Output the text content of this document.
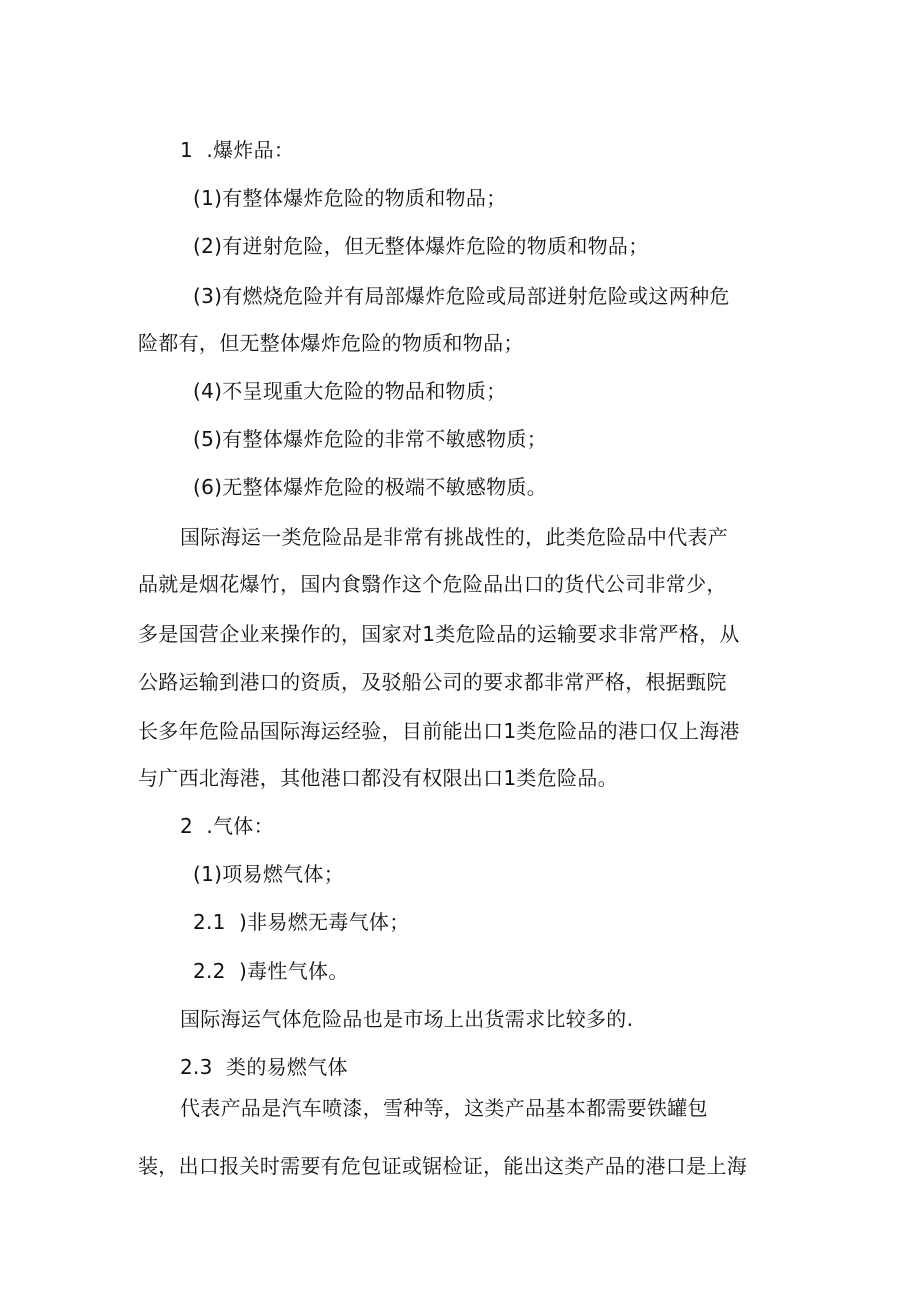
1  .爆炸品：
(1)有整体爆炸危险的物质和物品；
(2)有迸射危险，但无整体爆炸危险的物质和物品；
(3)有燃烧危险并有局部爆炸危险或局部迸射危险或这两种危
险都有，但无整体爆炸危险的物质和物品；
(4)不呈现重大危险的物品和物质；
(5)有整体爆炸危险的非常不敏感物质；
(6)无整体爆炸危险的极端不敏感物质。
国际海运一类危险品是非常有挑战性的，此类危险品中代表产
品就是烟花爆竹，国内食翳作这个危险品出口的货代公司非常少，
多是国营企业来操作的，国家对1类危险品的运输要求非常严格，从
公路运输到港口的资质，及驳船公司的要求都非常严格，根据甄院
长多年危险品国际海运经验，目前能出口1类危险品的港口仅上海港
与广西北海港，其他港口都没有权限出口1类危险品。
2  .气体：
(1)项易燃气体；
2.1  )非易燃无毒气体；
2.2  )毒性气体。
国际海运气体危险品也是市场上出货需求比较多的.
2.3  类的易燃气体
代表产品是汽车喷漆，雪种等，这类产品基本都需要铁罐包
装，出口报关时需要有危包证或锯检证，能出这类产品的港口是上海
